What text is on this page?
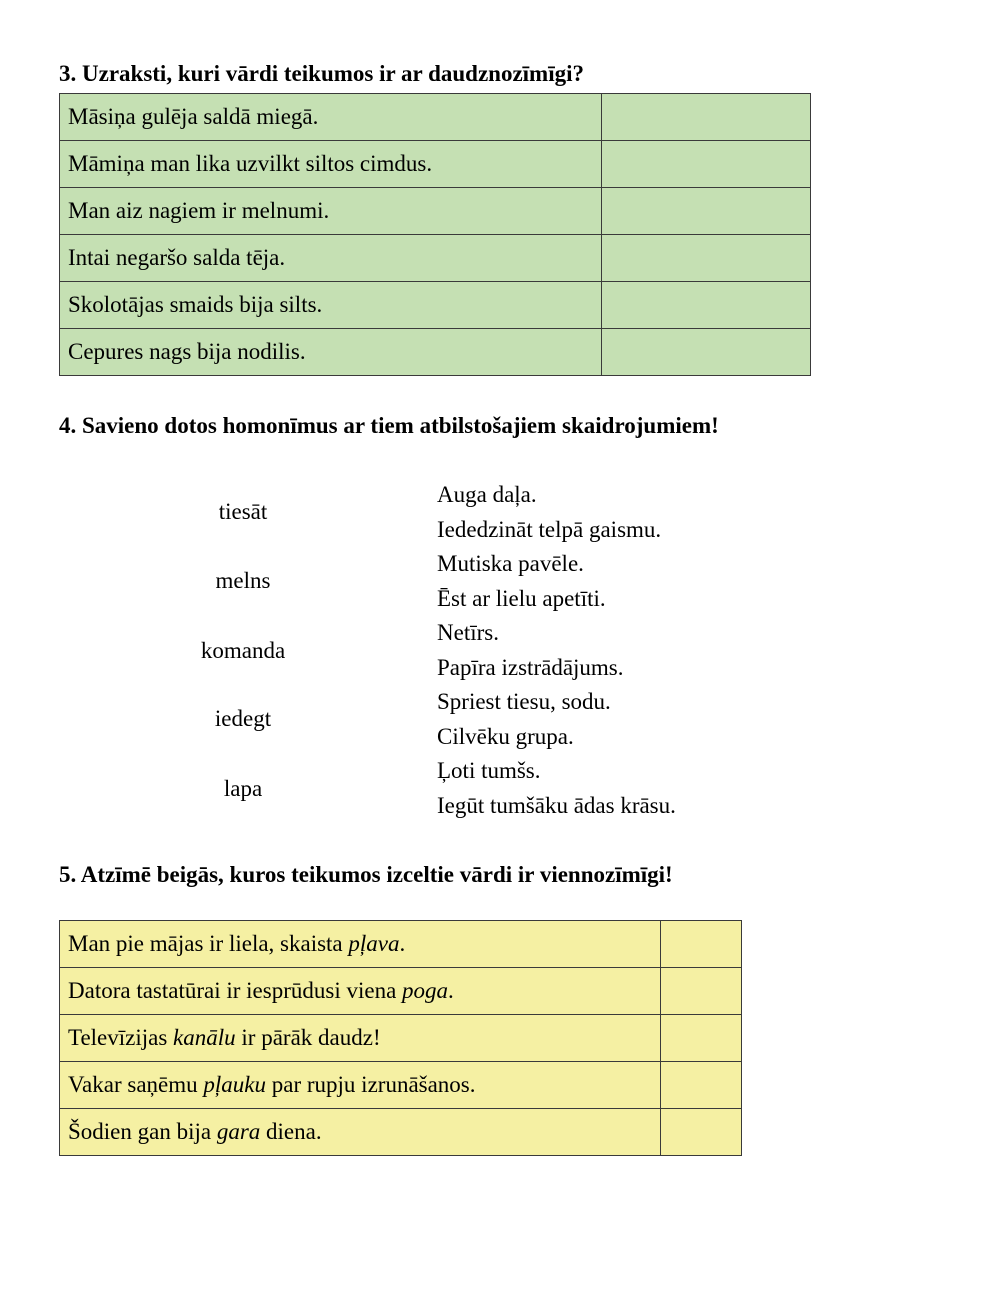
3. Uzraksti, kuri vārdi teikumos ir ar daudznozīmīgi?
Māsiņa gulēja saldā miegā.	
Māmiņa man lika uzvilkt siltos cimdus.	
Man aiz nagiem ir melnumi.	
Intai negaršo salda tēja.	
Skolotājas smaids bija silts.	
Cepures nags bija nodilis.	
4. Savieno dotos homonīmus ar tiem atbilstošajiem skaidrojumiem!
tiesāt
melns
komanda
iedegt
lapa
Auga daļa.
Iededzināt telpā gaismu.
Mutiska pavēle.
Ēst ar lielu apetīti.
Netīrs.
Papīra izstrādājums.
Spriest tiesu, sodu.
Cilvēku grupa.
Ļoti tumšs.
Iegūt tumšāku ādas krāsu.
5. Atzīmē beigās, kuros teikumos izceltie vārdi ir viennozīmīgi!
Man pie mājas ir liela, skaista pļava.	
Datora tastatūrai ir iesprūdusi viena poga.	
Televīzijas kanālu ir pārāk daudz!	
Vakar saņēmu pļauku par rupju izrunāšanos.	
Šodien gan bija gara diena.	
